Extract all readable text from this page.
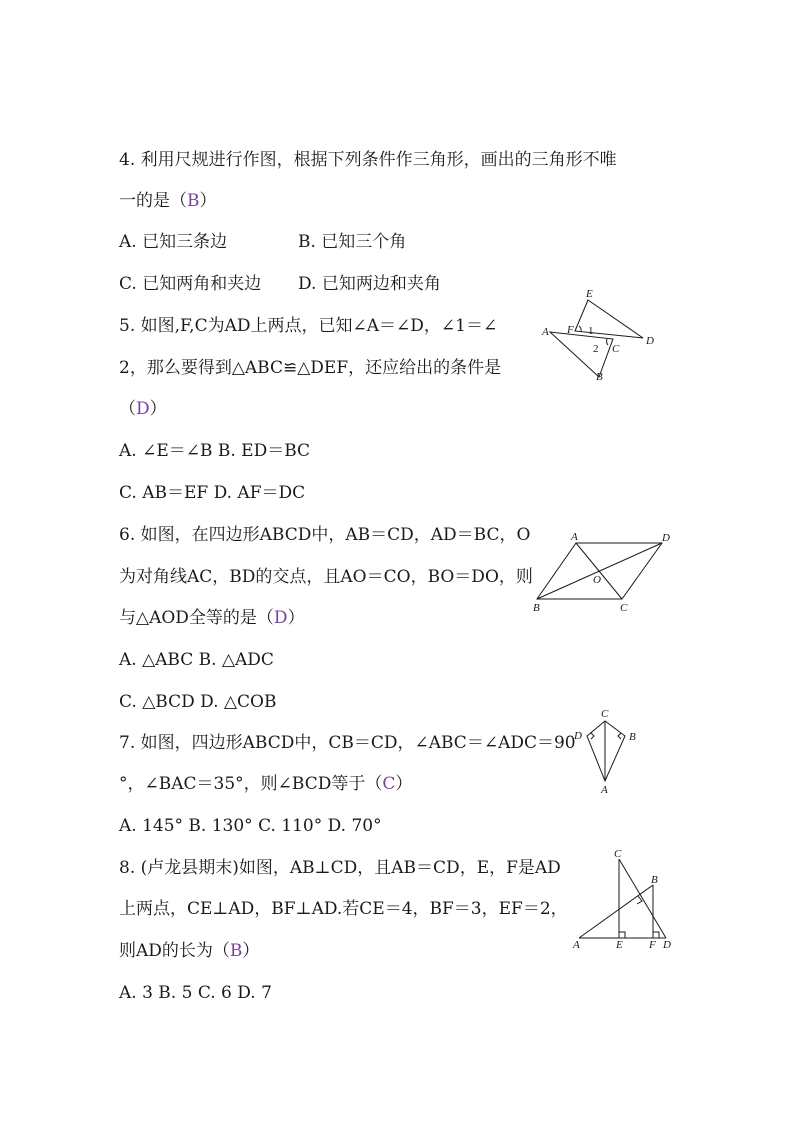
4. 利用尺规进行作图，根据下列条件作三角形，画出的三角形不唯
一的是（B）
A. 已知三条边	B. 已知三个角
C. 已知两角和夹边 D. 已知两边和夹角
5. 如图,F,C为AD上两点，已知∠A＝∠D，∠1＝∠
2，那么要得到△ABC≌△DEF，还应给出的条件是
（D）
A. ∠E＝∠B B. ED＝BC
C. AB＝EF D. AF＝DC
E
A F 1
D
2 C
B
6. 如图，在四边形ABCD中，AB＝CD，AD＝BC，O
为对角线AC，BD的交点，且AO＝CO，BO＝DO，则
与△AOD全等的是（D）
A. △ABC B. △ADC
C. △BCD D. △COB
A	D
O
B	C
7. 如图，四边形ABCD中，CB＝CD，∠ABC＝∠ADC＝90
°，∠BAC＝35°，则∠BCD等于（C）
A. 145° B. 130° C. 110° D. 70°
C
D	B
A
8. (卢龙县期末)如图，AB⊥CD，且AB＝CD，E，F是AD
上两点，CE⊥AD，BF⊥AD.若CE＝4，BF＝3，EF＝2，
则AD的长为（B）
A. 3 B. 5 C. 6 D. 7
C
B
A	E F D
